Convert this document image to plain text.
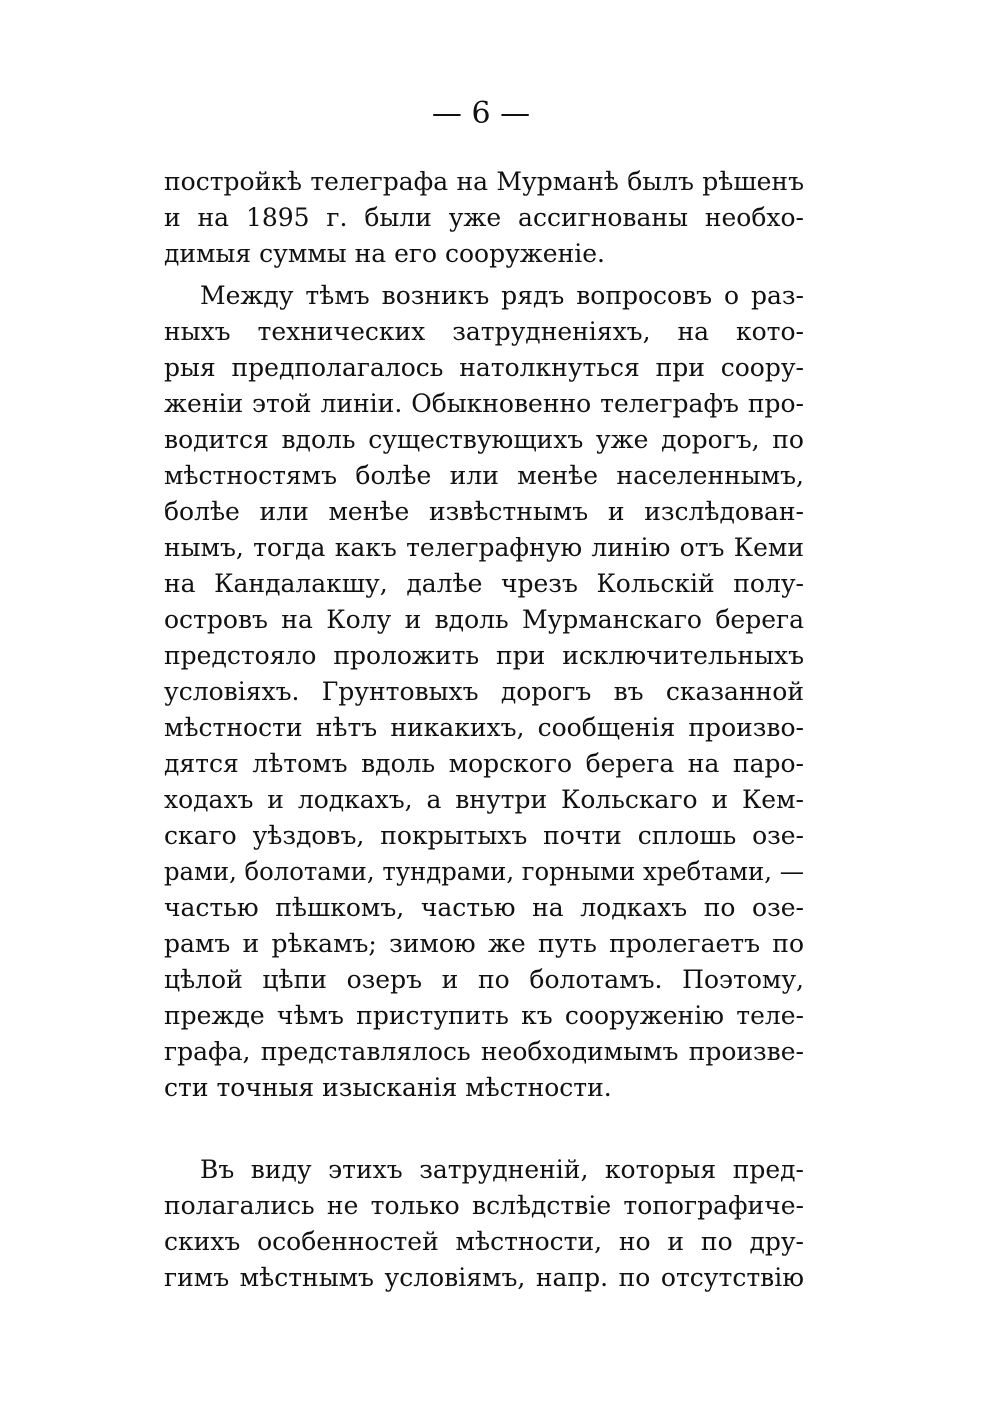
— 6 —
постройкѣ телеграфа на Мурманѣ былъ рѣшенъ
и на 1895 г. были уже ассигнованы необхо-
димыя суммы на его сооруженіе.
Между тѣмъ возникъ рядъ вопросовъ о раз-
ныхъ технических затрудненіяхъ, на кото-
рыя предполагалось натолкнуться при соору-
женіи этой линіи. Обыкновенно телеграфъ про-
водится вдоль существующихъ уже дорогъ, по
мѣстностямъ болѣе или менѣе населеннымъ,
болѣе или менѣе извѣстнымъ и изслѣдован-
нымъ, тогда какъ телеграфную линію отъ Кеми
на Кандалакшу, далѣе чрезъ Кольскій полу-
островъ на Колу и вдоль Мурманскаго берега
предстояло проложить при исключительныхъ
условіяхъ. Грунтовыхъ дорогъ въ сказанной
мѣстности нѣтъ никакихъ, сообщенія произво-
дятся лѣтомъ вдоль морского берега на паро-
ходахъ и лодкахъ, а внутри Кольскаго и Кем-
скаго уѣздовъ, покрытыхъ почти сплошь озе-
рами, болотами, тундрами, горными хребтами, —
частью пѣшкомъ, частью на лодкахъ по озе-
рамъ и рѣкамъ; зимою же путь пролегаетъ по
цѣлой цѣпи озеръ и по болотамъ. Поэтому,
прежде чѣмъ приступить къ сооруженію теле-
графа, представлялось необходимымъ произве-
сти точныя изысканія мѣстности.
Въ виду этихъ затрудненій, которыя пред-
полагались не только вслѣдствіе топографиче-
скихъ особенностей мѣстности, но и по дру-
гимъ мѣстнымъ условіямъ, напр. по отсутствію
